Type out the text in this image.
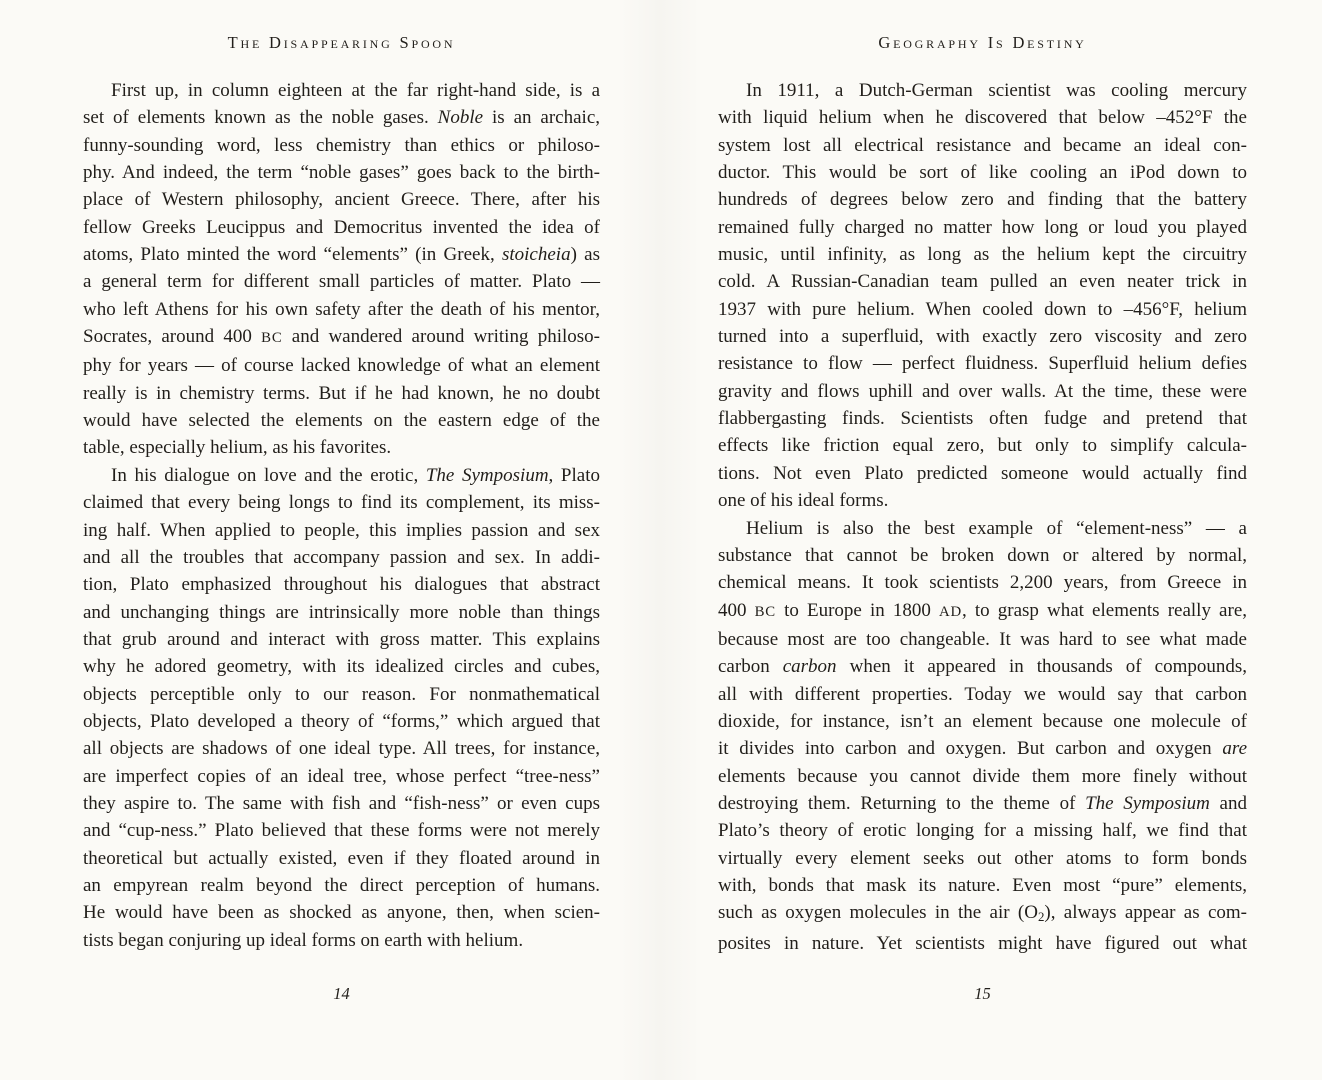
The Disappearing Spoon
First up, in column eighteen at the far right-hand side, is a
set of elements known as the noble gases. Noble is an archaic,
funny-sounding word, less chemistry than ethics or philoso-
phy. And indeed, the term “noble gases” goes back to the birth-
place of Western philosophy, ancient Greece. There, after his
fellow Greeks Leucippus and Democritus invented the idea of
atoms, Plato minted the word “elements” (in Greek, stoicheia) as
a general term for different small particles of matter. Plato —
who left Athens for his own safety after the death of his mentor,
Socrates, around 400 BC and wandered around writing philoso-
phy for years — of course lacked knowledge of what an element
really is in chemistry terms. But if he had known, he no doubt
would have selected the elements on the eastern edge of the
table, especially helium, as his favorites.
In his dialogue on love and the erotic, The Symposium, Plato
claimed that every being longs to find its complement, its miss-
ing half. When applied to people, this implies passion and sex
and all the troubles that accompany passion and sex. In addi-
tion, Plato emphasized throughout his dialogues that abstract
and unchanging things are intrinsically more noble than things
that grub around and interact with gross matter. This explains
why he adored geometry, with its idealized circles and cubes,
objects perceptible only to our reason. For nonmathematical
objects, Plato developed a theory of “forms,” which argued that
all objects are shadows of one ideal type. All trees, for instance,
are imperfect copies of an ideal tree, whose perfect “tree-ness”
they aspire to. The same with fish and “fish-ness” or even cups
and “cup-ness.” Plato believed that these forms were not merely
theoretical but actually existed, even if they floated around in
an empyrean realm beyond the direct perception of humans.
He would have been as shocked as anyone, then, when scien-
tists began conjuring up ideal forms on earth with helium.
14
Geography Is Destiny
In 1911, a Dutch-German scientist was cooling mercury
with liquid helium when he discovered that below –452°F the
system lost all electrical resistance and became an ideal con-
ductor. This would be sort of like cooling an iPod down to
hundreds of degrees below zero and finding that the battery
remained fully charged no matter how long or loud you played
music, until infinity, as long as the helium kept the circuitry
cold. A Russian-Canadian team pulled an even neater trick in
1937 with pure helium. When cooled down to –456°F, helium
turned into a superfluid, with exactly zero viscosity and zero
resistance to flow — perfect fluidness. Superfluid helium defies
gravity and flows uphill and over walls. At the time, these were
flabbergasting finds. Scientists often fudge and pretend that
effects like friction equal zero, but only to simplify calcula-
tions. Not even Plato predicted someone would actually find
one of his ideal forms.
Helium is also the best example of “element-ness” — a
substance that cannot be broken down or altered by normal,
chemical means. It took scientists 2,200 years, from Greece in
400 BC to Europe in 1800 AD, to grasp what elements really are,
because most are too changeable. It was hard to see what made
carbon carbon when it appeared in thousands of compounds,
all with different properties. Today we would say that carbon
dioxide, for instance, isn’t an element because one molecule of
it divides into carbon and oxygen. But carbon and oxygen are
elements because you cannot divide them more finely without
destroying them. Returning to the theme of The Symposium and
Plato’s theory of erotic longing for a missing half, we find that
virtually every element seeks out other atoms to form bonds
with, bonds that mask its nature. Even most “pure” elements,
such as oxygen molecules in the air $(O_2)$, always appear as com-
posites in nature. Yet scientists might have figured out what
15
